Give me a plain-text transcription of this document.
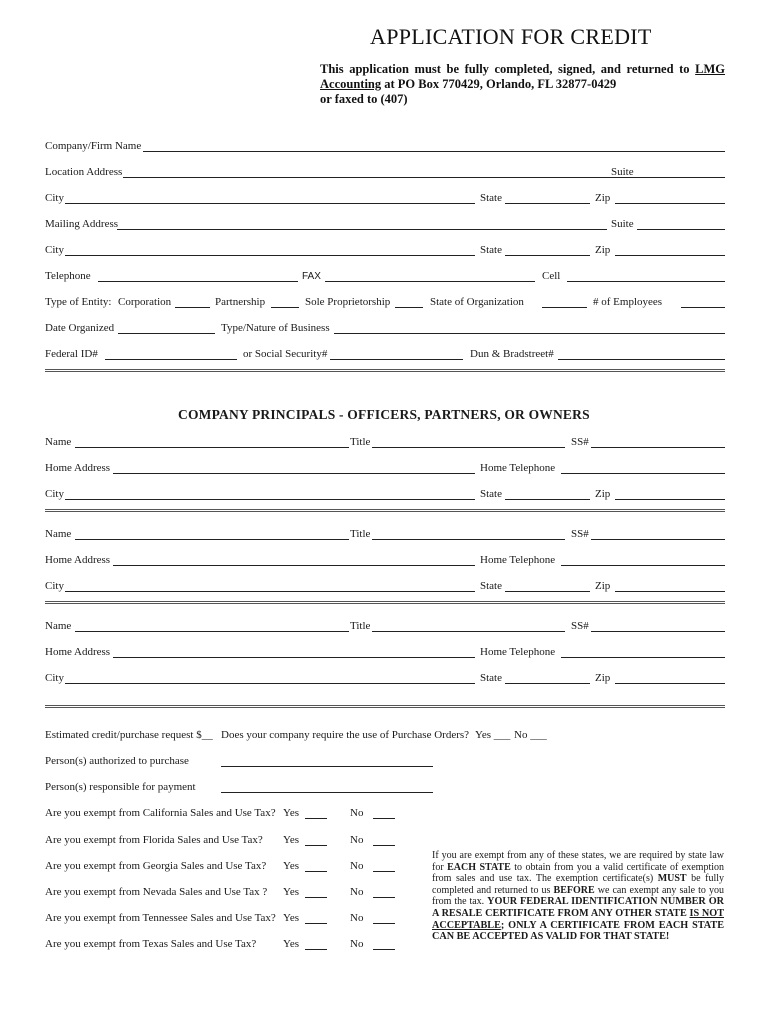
APPLICATION FOR CREDIT
This application must be fully completed, signed, and returned to LMG
Accounting at PO Box 770429, Orlando, FL 32877-0429
or faxed to (407)
Company/Firm Name
Location Address	Suite
City	State	Zip
Mailing Address	Suite
City	State	Zip
Telephone	FAX	Cell
Type of Entity: Corporation	Partnership	Sole Proprietorship	State of Organization	# of Employees
Date Organized	Type/Nature of Business
Federal ID#	or Social Security#	Dun & Bradstreet#
COMPANY PRINCIPALS - OFFICERS, PARTNERS, OR OWNERS
Name	Title	SS#
Home Address	Home Telephone
City	State	Zip
Name	Title	SS#
Home Address	Home Telephone
City	State	Zip
Name	Title	SS#
Home Address	Home Telephone
City	State	Zip
Estimated credit/purchase request $__ Does your company require the use of Purchase Orders? Yes ___ No ___
Person(s) authorized to purchase
Person(s) responsible for payment
Are you exempt from California Sales and Use Tax? Yes	No
Are you exempt from Florida Sales and Use Tax? Yes	No
Are you exempt from Georgia Sales and Use Tax? Yes	No
Are you exempt from Nevada Sales and Use Tax ? Yes	No
Are you exempt from Tennessee Sales and Use Tax? Yes	No
Are you exempt from Texas Sales and Use Tax? Yes	No
If you are exempt from any of these states, we are required by state law for EACH STATE to obtain from you a valid certificate of exemption from sales and use tax. The exemption certificate(s) MUST be fully completed and returned to us BEFORE we can exempt any sale to you from the tax. YOUR FEDERAL IDENTIFICATION NUMBER OR A RESALE CERTIFICATE FROM ANY OTHER STATE IS NOT ACCEPTABLE; ONLY A CERTIFICATE FROM EACH STATE CAN BE ACCEPTED AS VALID FOR THAT STATE!
